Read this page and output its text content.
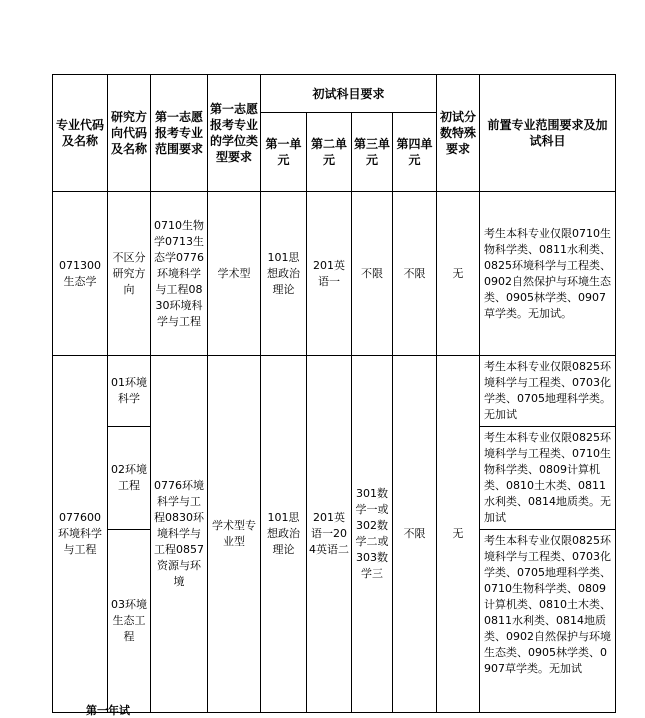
专业代码及名称	研究方向代码及名称	第一志愿报考专业范围要求	第一志愿报考专业的学位类型要求	初试科目要求				初试分数特殊要求	前置专业范围要求及加试科目
				第一单元	第二单元	第三单元	第四单元		
071300生态学	不区分研究方向	0710生物学0713生态学0776环境科学与工程0830环境科学与工程	学术型	101思想政治理论	201英语一	不限	不限	无	考生本科专业仅限0710生物科学类、0811水利类、0825环境科学与工程类、0902自然保护与环境生态类、0905林学类、0907草学类。无加试。
077600环境科学与工程	01环境科学	0776环境科学与工程0830环境科学与工程0857资源与环境	学术型专业型	101思想政治理论	201英语一204英语二	301数学一或302数学二或303数学三	不限	无	考生本科专业仅限0825环境科学与工程类、0703化学类、0705地理科学类。无加试
	02环境工程								考生本科专业仅限0825环境科学与工程类、0710生物科学类、0809计算机类、0810土木类、0811水利类、0814地质类。无加试
	03环境生态工程								考生本科专业仅限0825环境科学与工程类、0703化学类、0705地理科学类、0710生物科学类、0809计算机类、0810土木类、0811水利类、0814地质类、0902自然保护与环境生态类、0905林学类、0907草学类。无加试
第一年试
